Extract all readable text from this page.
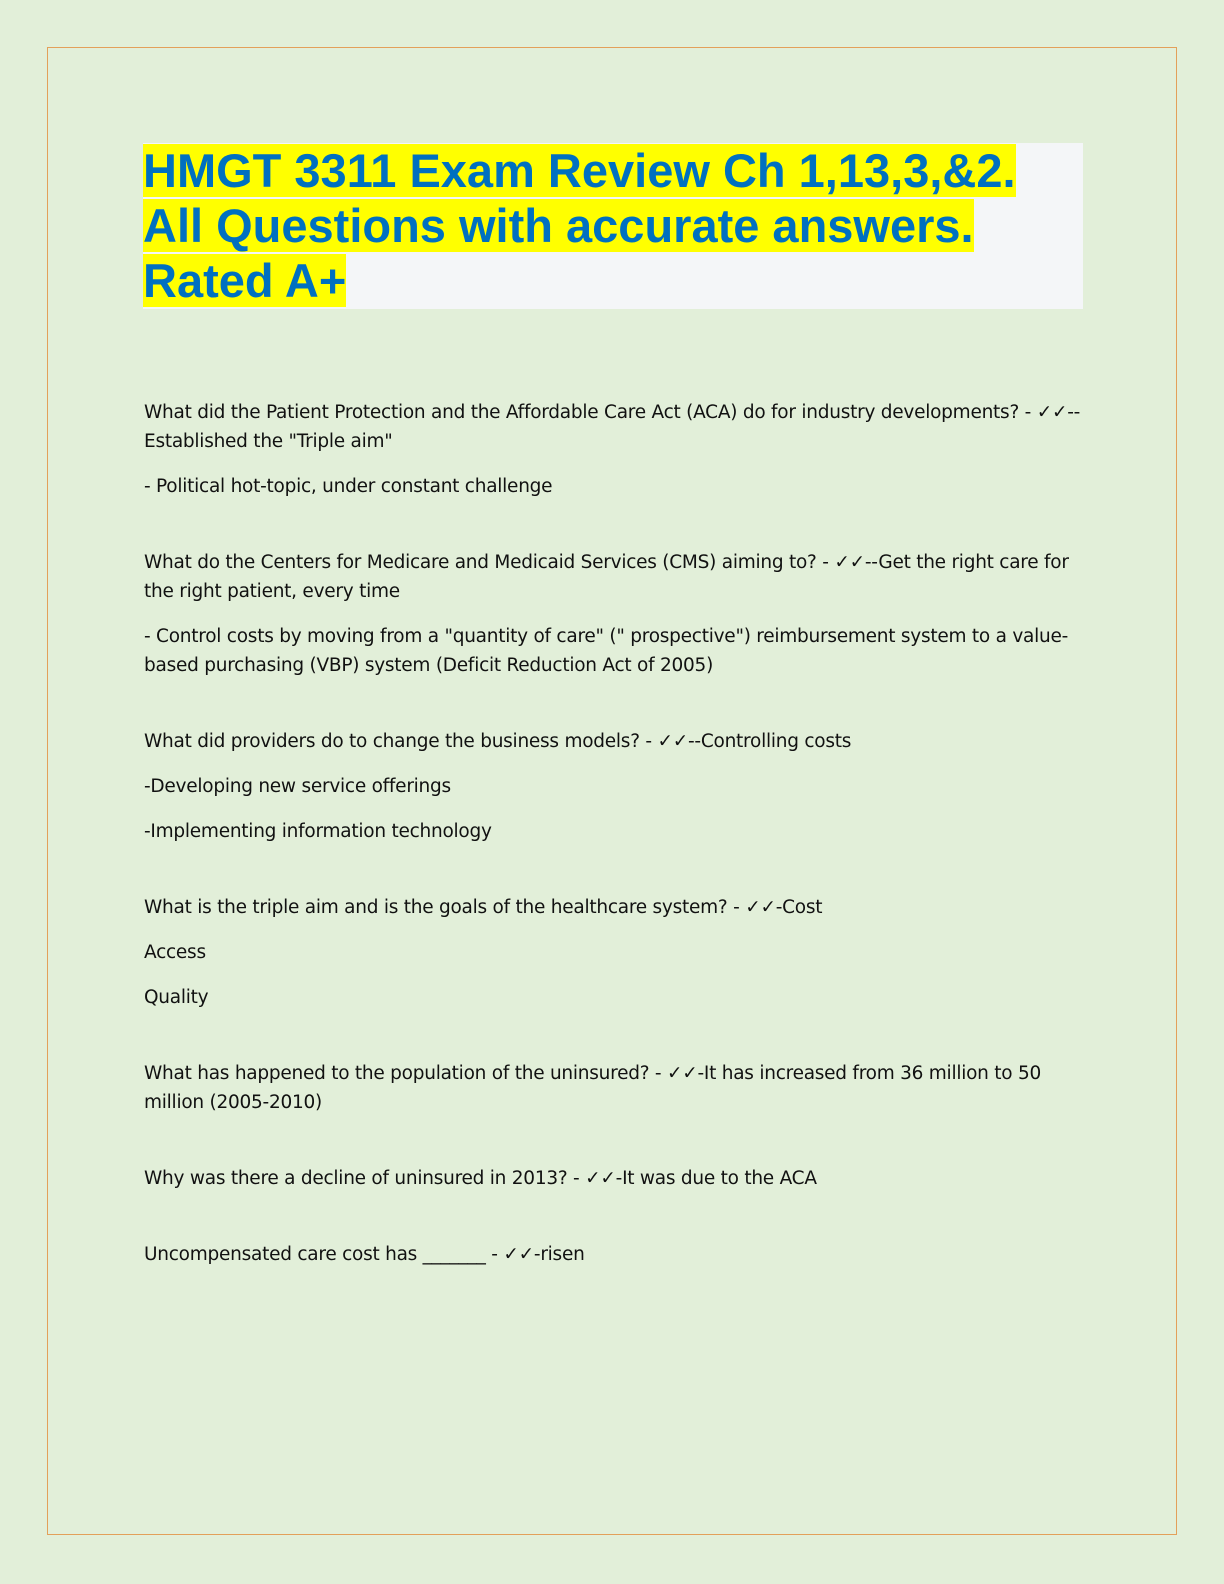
HMGT 3311 Exam Review Ch 1,13,3,&2. All Questions with accurate answers. Rated A+

What did the Patient Protection and the Affordable Care Act (ACA) do for industry developments? - ✓✓--Established the "Triple aim"

- Political hot-topic, under constant challenge

What do the Centers for Medicare and Medicaid Services (CMS) aiming to? - ✓✓--Get the right care for the right patient, every time

- Control costs by moving from a "quantity of care" (" prospective") reimbursement system to a value-based purchasing (VBP) system (Deficit Reduction Act of 2005)

What did providers do to change the business models? - ✓✓--Controlling costs

-Developing new service offerings

-Implementing information technology

What is the triple aim and is the goals of the healthcare system? - ✓✓-Cost

Access

Quality

What has happened to the population of the uninsured? - ✓✓-It has increased from 36 million to 50 million (2005-2010)

Why was there a decline of uninsured in 2013? - ✓✓-It was due to the ACA

Uncompensated care cost has _______ - ✓✓-risen
